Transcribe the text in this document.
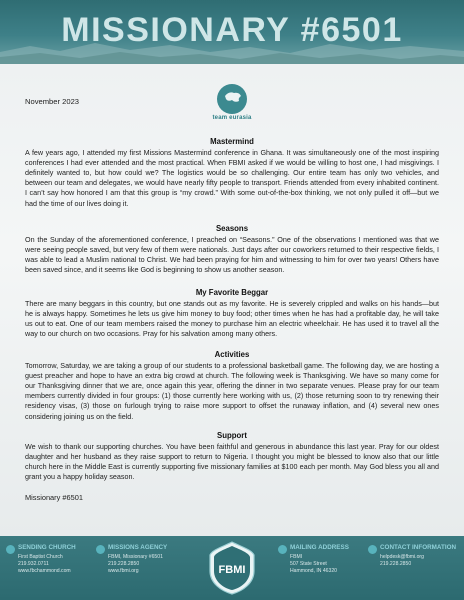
MISSIONARY #6501
November 2023
team eurasia
Mastermind
A few years ago, I attended my first Missions Mastermind conference in Ghana. It was simultaneously one of the most inspiring conferences I had ever attended and the most practical. When FBMI asked if we would be willing to host one, I had misgivings. I definitely wanted to, but how could we? The logistics would be so challenging. Our entire team has only two vehicles, and between our team and delegates, we would have nearly fifty people to transport. Friends attended from every inhabited continent. I can’t say how honored I am that this group is “my crowd.” With some out-of-the-box thinking, we not only pulled it off—but we had the time of our lives doing it.
Seasons
On the Sunday of the aforementioned conference, I preached on “Seasons.” One of the observations I mentioned was that we were seeing people saved, but very few of them were nationals. Just days after our coworkers returned to their respective fields, I was able to lead a Muslim national to Christ. We had been praying for him and witnessing to him for over two years! Others have been saved since, and it seems like God is beginning to show us another season.
My Favorite Beggar
There are many beggars in this country, but one stands out as my favorite. He is severely crippled and walks on his hands—but he is always happy. Sometimes he lets us give him money to buy food; other times when he has had a profitable day, he will take us out to eat. One of our team members raised the money to purchase him an electric wheelchair. He has used it to travel all the way to our church on two occasions. Pray for his salvation among many others.
Activities
Tomorrow, Saturday, we are taking a group of our students to a professional basketball game. The following day, we are hosting a guest preacher and hope to have an extra big crowd at church. The following week is Thanksgiving. We have so many come for our Thanksgiving dinner that we are, once again this year, offering the dinner in two separate venues. Please pray for our team members currently divided in four groups: (1) those currently here working with us, (2) those returning soon to try renewing their residency visas, (3) those on furlough trying to raise more support to offset the runaway inflation, and (4) several new ones considering joining us on the field.
Support
We wish to thank our supporting churches. You have been faithful and generous in abundance this last year. Pray for our oldest daughter and her husband as they raise support to return to Nigeria. I thought you might be blessed to know also that our little church here in the Middle East is currently supporting five missionary families at $100 each per month. May God bless you all and grant you a happy holiday season.
Missionary #6501
SENDING CHURCH
First Baptist Church
219.932.0711
www.fbchammond.com
MISSIONS AGENCY
FBMI, Missionary #6501
219.228.2850
www.fbmi.org	FBMI
MAILING ADDRESS
FBMI
507 State Street
Hammond, IN 46320
CONTACT INFORMATION
helpdesk@fbmi.org
219.228.2850
